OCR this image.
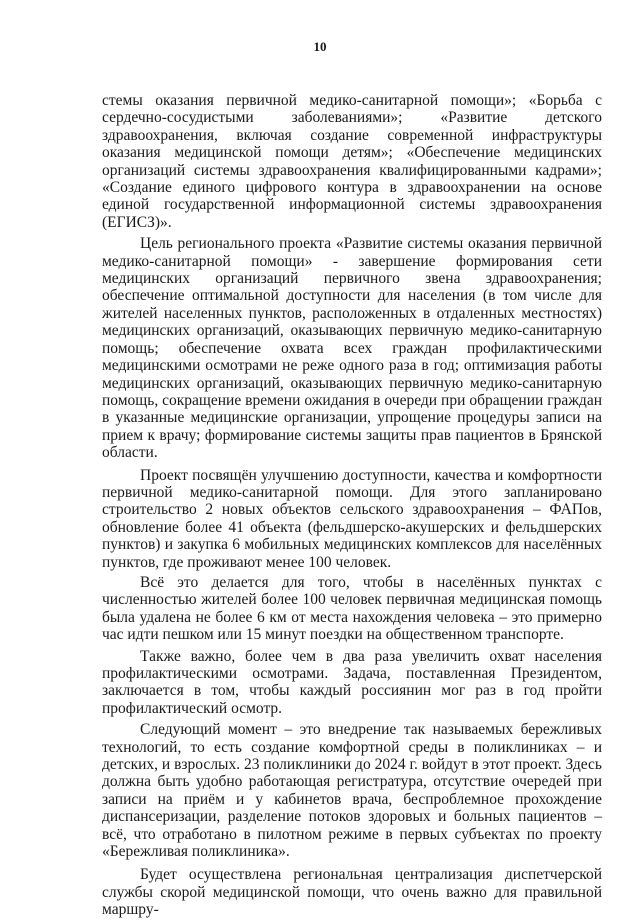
10

стемы оказания первичной медико-санитарной помощи»; «Борьба с сердечно-сосудистыми заболеваниями»; «Развитие детского здравоохранения, включая создание современной инфраструктуры оказания медицинской помощи детям»; «Обеспечение медицинских организаций системы здравоохранения квалифицированными кадрами»; «Создание единого цифрового контура в здравоохранении на основе единой государственной информационной системы здравоохранения (ЕГИСЗ)».

Цель регионального проекта «Развитие системы оказания первичной медико-санитарной помощи» - завершение формирования сети медицинских организаций первичного звена здравоохранения; обеспечение оптимальной доступности для населения (в том числе для жителей населенных пунктов, расположенных в отдаленных местностях) медицинских организаций, оказывающих первичную медико-санитарную помощь; обеспечение охвата всех граждан профилактическими медицинскими осмотрами не реже одного раза в год; оптимизация работы медицинских организаций, оказывающих первичную медико-санитарную помощь, сокращение времени ожидания в очереди при обращении граждан в указанные медицинские организации, упрощение процедуры записи на прием к врачу; формирование системы защиты прав пациентов в Брянской области.

Проект посвящён улучшению доступности, качества и комфортности первичной медико-санитарной помощи. Для этого запланировано строительство 2 новых объектов сельского здравоохранения – ФАПов, обновление более 41 объекта (фельдшерско-акушерских и фельдшерских пунктов) и закупка 6 мобильных медицинских комплексов для населённых пунктов, где проживают менее 100 человек.

Всё это делается для того, чтобы в населённых пунктах с численностью жителей более 100 человек первичная медицинская помощь была удалена не более 6 км от места нахождения человека – это примерно час идти пешком или 15 минут поездки на общественном транспорте.

Также важно, более чем в два раза увеличить охват населения профилактическими осмотрами. Задача, поставленная Президентом, заключается в том, чтобы каждый россиянин мог раз в год пройти профилактический осмотр.

Следующий момент – это внедрение так называемых бережливых технологий, то есть создание комфортной среды в поликлиниках – и детских, и взрослых. 23 поликлиники до 2024 г. войдут в этот проект. Здесь должна быть удобно работающая регистратура, отсутствие очередей при записи на приём и у кабинетов врача, беспроблемное прохождение диспансеризации, разделение потоков здоровых и больных пациентов – всё, что отработано в пилотном режиме в первых субъектах по проекту «Бережливая поликлиника».

Будет осуществлена региональная централизация диспетчерской службы скорой медицинской помощи, что очень важно для правильной маршру-
